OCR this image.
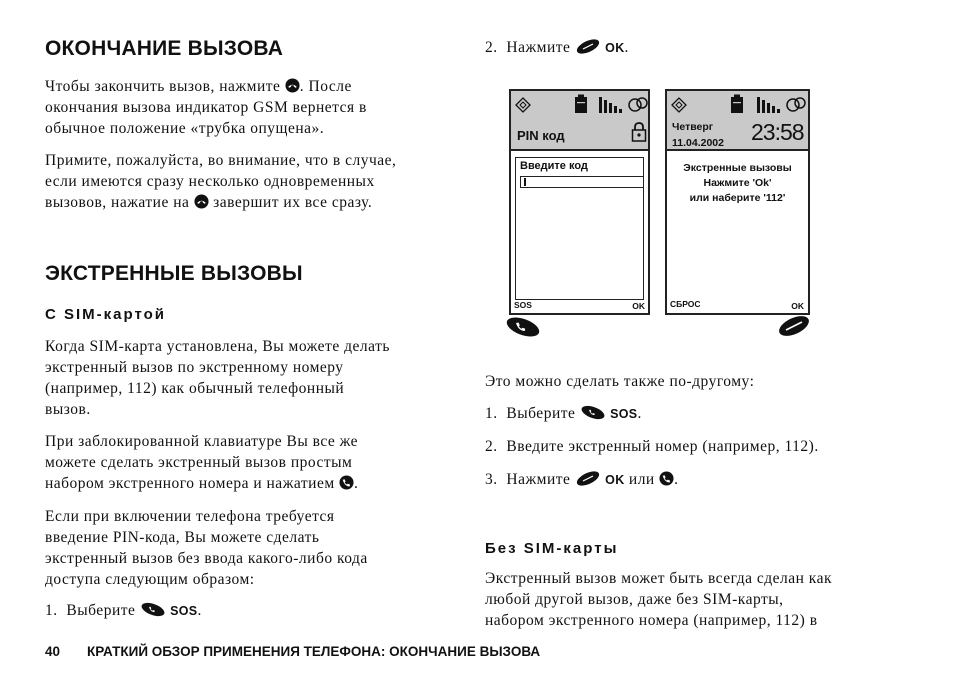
ОКОНЧАНИЕ ВЫЗОВА
Чтобы закончить вызов, нажмите . После
окончания вызова индикатор GSM вернется в
обычное положение «трубка опущена».
Примите, пожалуйста, во внимание, что в случае,
если имеются сразу несколько одновременных
вызовов, нажатие на  завершит их все сразу.
ЭКСТРЕННЫЕ ВЫЗОВЫ
С SIM-картой
Когда SIM-карта установлена, Вы можете делать
экстренный вызов по экстренному номеру
(например, 112) как обычный телефонный
вызов.
При заблокированной клавиатуре Вы все же
можете сделать экстренный вызов простым
набором экстренного номера и нажатием .
Если при включении телефона требуется
введение PIN-кода, Вы можете сделать
экстренный вызов без ввода какого-либо кода
доступа следующим образом:
1. Выберите  SOS.
2. Нажмите  OK.
PIN код
Введите код
SOS	OK
Четверг
11.04.2002 23:58
Экстренные вызовы
Нажмите 'Ok'
или наберите '112'
СБРОС	OK
Это можно сделать также по-другому:
1. Выберите  SOS.
2. Введите экстренный номер (например, 112).
3. Нажмите  OK или .
Без SIM-карты
Экстренный вызов может быть всегда сделан как
любой другой вызов, даже без SIM-карты,
набором экстренного номера (например, 112) в
40 КРАТКИЙ ОБЗОР ПРИМЕНЕНИЯ ТЕЛЕФОНА: ОКОНЧАНИЕ ВЫЗОВА
